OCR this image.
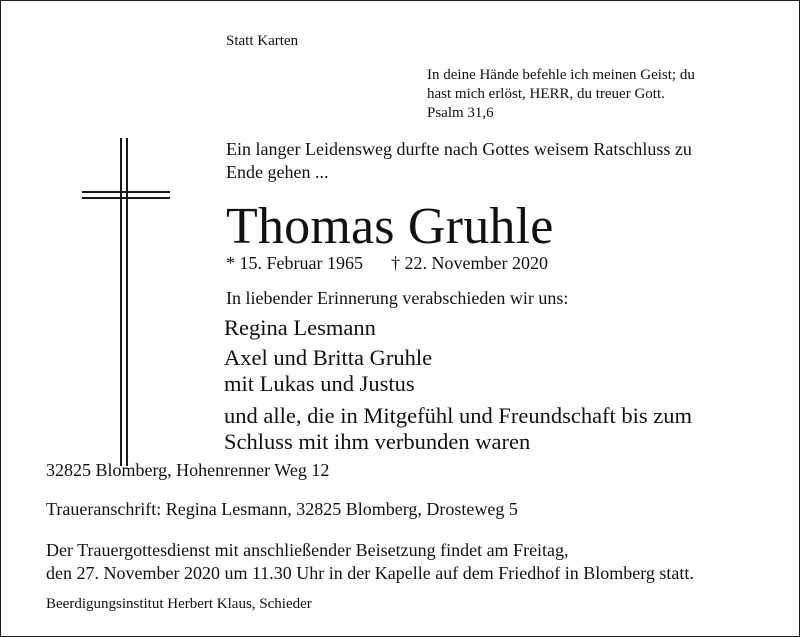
Statt Karten

In deine Hände befehle ich meinen Geist; du
hast mich erlöst, HERR, du treuer Gott.
Psalm 31,6
Ein langer Leidensweg durfte nach Gottes weisem Ratschluss zu
Ende gehen ...
Thomas Gruhle
* 15. Februar 1965 † 22. November 2020

In liebender Erinnerung verabschieden wir uns:

Regina Lesmann
Axel und Britta Gruhle
mit Lukas und Justus
und alle, die in Mitgefühl und Freundschaft bis zum
Schluss mit ihm verbunden waren

32825 Blomberg, Hohenrenner Weg 12

Traueranschrift: Regina Lesmann, 32825 Blomberg, Drosteweg 5

Der Trauergottesdienst mit anschließender Beisetzung findet am Freitag,
den 27. November 2020 um 11.30 Uhr in der Kapelle auf dem Friedhof in Blomberg statt.

Beerdigungsinstitut Herbert Klaus, Schieder
